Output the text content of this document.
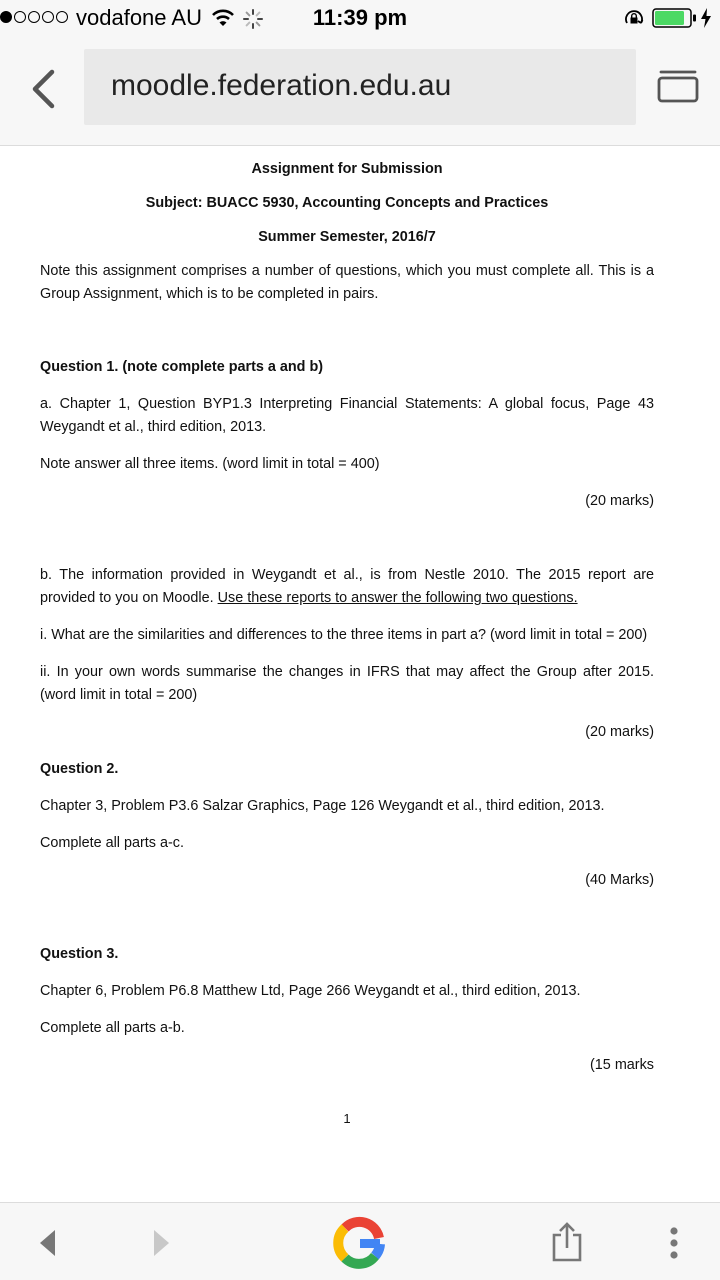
vodafone AU	11:39 pm
moodle.federation.edu.au

Assignment for Submission

Subject: BUACC 5930, Accounting Concepts and Practices

Summer Semester, 2016/7

Note this assignment comprises a number of questions, which you must complete all. This is a Group Assignment, which is to be completed in pairs.

Question 1. (note complete parts a and b)

a. Chapter 1, Question BYP1.3 Interpreting Financial Statements: A global focus, Page 43 Weygandt et al., third edition, 2013.

Note answer all three items. (word limit in total = 400)

(20 marks)

b. The information provided in Weygandt et al., is from Nestle 2010. The 2015 report are provided to you on Moodle. Use these reports to answer the following two questions.

i. What are the similarities and differences to the three items in part a? (word limit in total = 200)

ii. In your own words summarise the changes in IFRS that may affect the Group after 2015. (word limit in total = 200)

(20 marks)

Question 2.

Chapter 3, Problem P3.6 Salzar Graphics, Page 126 Weygandt et al., third edition, 2013.

Complete all parts a-c.

(40 Marks)

Question 3.

Chapter 6, Problem P6.8 Matthew Ltd, Page 266 Weygandt et al., third edition, 2013.

Complete all parts a-b.

(15 marks

1
